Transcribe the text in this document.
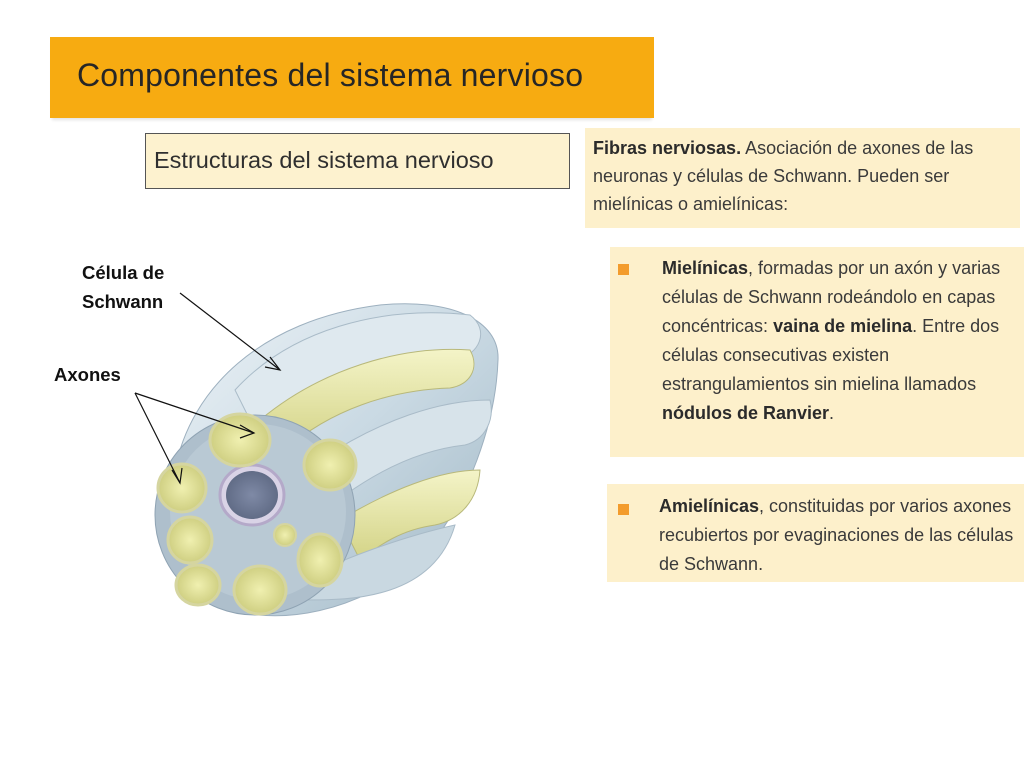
Componentes del sistema nervioso
Estructuras del sistema nervioso	Fibras nerviosas. Asociación de axones de las neuronas y células de Schwann. Pueden ser mielínicas o amielínicas:

Mielínicas, formadas por un axón y varias células de Schwann rodeándolo en capas concéntricas: vaina de mielina. Entre dos células consecutivas existen estrangulamientos sin mielina llamados nódulos de Ranvier.

Amielínicas, constituidas por varios axones recubiertos por evaginaciones de las células de Schwann.

Célula de
Schwann
Axones
